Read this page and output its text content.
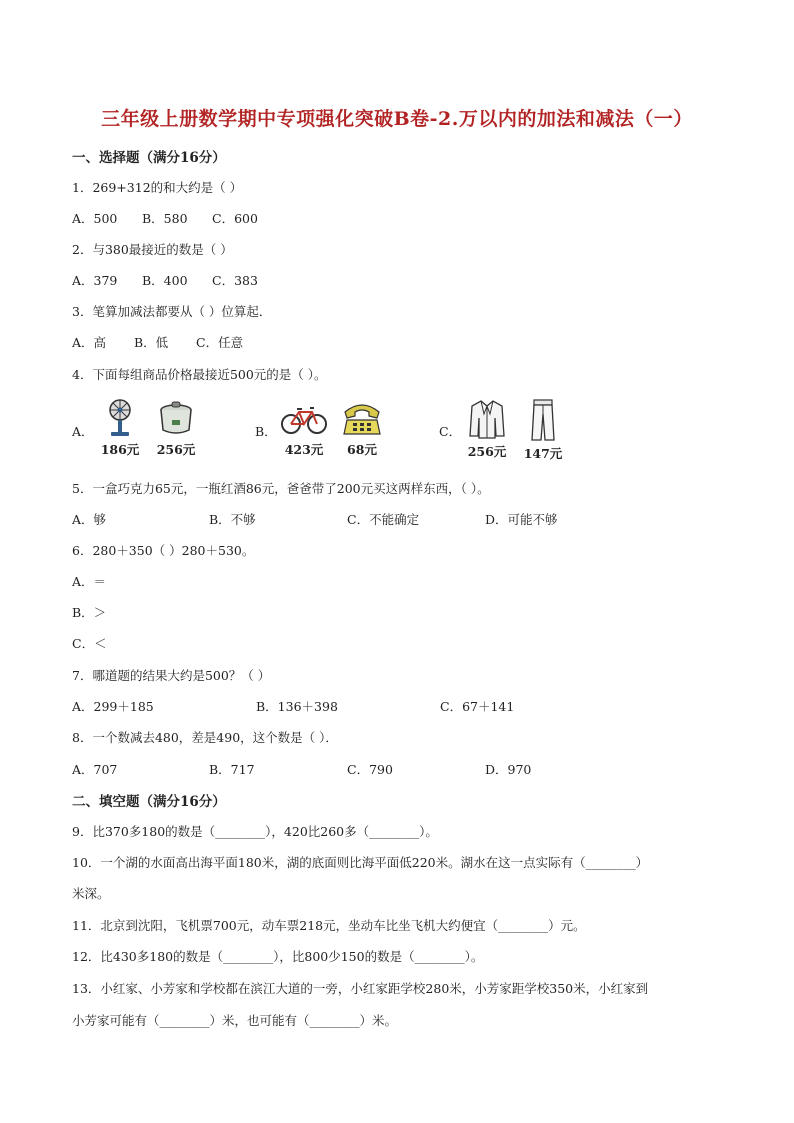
三年级上册数学期中专项强化突破B卷-2.万以内的加法和减法（一）
一、选择题（满分16分）
1．269+312的和大约是（ ）
A．500 B．580 C．600
2．与380最接近的数是（ ）
A．379 B．400 C．383
3．笔算加减法都要从（ ）位算起．
A．高 B．低 C．任意
4．下面每组商品价格最接近500元的是（ ）。
A．
186元	256元
B．
423元	68元
C．
256元	147元
5．一盒巧克力65元，一瓶红酒86元，爸爸带了200元买这两样东西，（ ）。
A．够	B．不够	C．不能确定	D．可能不够
6．280＋350（ ）280＋530。
A．＝
B．＞
C．＜
7．哪道题的结果大约是500？（ ）
A．299＋185	B．136＋398	C．67＋141
8．一个数减去480，差是490，这个数是（ ）．
A．707	B．717	C．790	D．970
二、填空题（满分16分）
9．比370多180的数是（________），420比260多（________）。
10．一个湖的水面高出海平面180米，湖的底面则比海平面低220米。湖水在这一点实际有（________）
米深。
11．北京到沈阳，飞机票700元，动车票218元，坐动车比坐飞机大约便宜（________）元。
12．比430多180的数是（________），比800少150的数是（________）。
13．小红家、小芳家和学校都在滨江大道的一旁，小红家距学校280米，小芳家距学校350米，小红家到
小芳家可能有（________）米，也可能有（________）米。
